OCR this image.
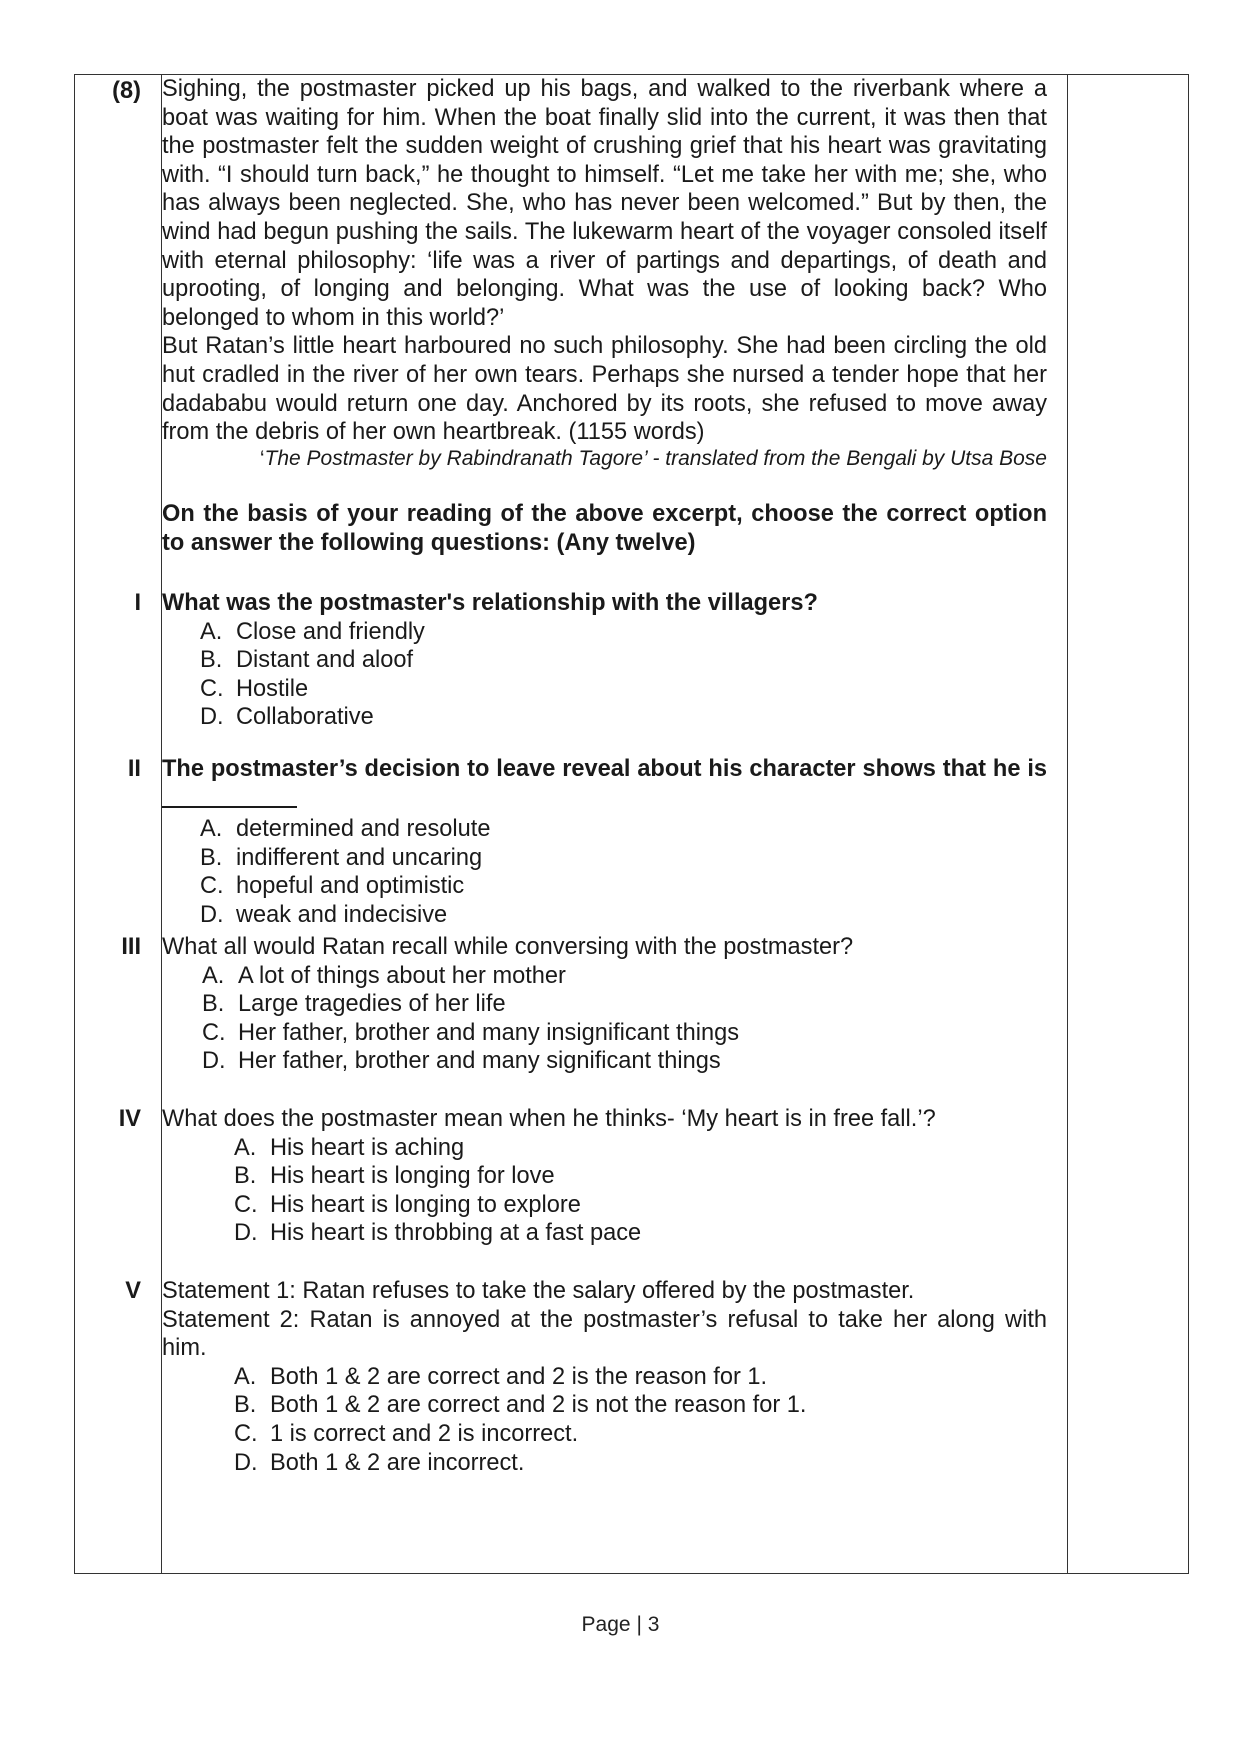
(8)
I
II
III
IV
V

Sighing, the postmaster picked up his bags, and walked to the riverbank where a boat was waiting for him. When the boat finally slid into the current, it was then that the postmaster felt the sudden weight of crushing grief that his heart was gravitating with. “I should turn back,” he thought to himself. “Let me take her with me; she, who has always been neglected. She, who has never been welcomed.” But by then, the wind had begun pushing the sails. The lukewarm heart of the voyager consoled itself with eternal philosophy: ‘life was a river of partings and departings, of death and uprooting, of longing and belonging. What was the use of looking back? Who belonged to whom in this world?’

But Ratan’s little heart harboured no such philosophy. She had been circling the old hut cradled in the river of her own tears. Perhaps she nursed a tender hope that her dadababu would return one day. Anchored by its roots, she refused to move away from the debris of her own heartbreak. (1155 words)

‘The Postmaster by Rabindranath Tagore’ - translated from the Bengali by Utsa Bose

On the basis of your reading of the above excerpt, choose the correct option to answer the following questions: (Any twelve)

What was the postmaster's relationship with the villagers?

A. Close and friendly
B. Distant and aloof
C. Hostile
D. Collaborative

The postmaster’s decision to leave reveal about his character shows that he is

A. determined and resolute
B. indifferent and uncaring
C. hopeful and optimistic
D. weak and indecisive

What all would Ratan recall while conversing with the postmaster?

A. A lot of things about her mother
B. Large tragedies of her life
C. Her father, brother and many insignificant things
D. Her father, brother and many significant things

What does the postmaster mean when he thinks- ‘My heart is in free fall.’?

A. His heart is aching
B. His heart is longing for love
C. His heart is longing to explore
D. His heart is throbbing at a fast pace

Statement 1: Ratan refuses to take the salary offered by the postmaster.

Statement 2: Ratan is annoyed at the postmaster’s refusal to take her along with him.

A. Both 1 & 2 are correct and 2 is the reason for 1.
B. Both 1 & 2 are correct and 2 is not the reason for 1.
C. 1 is correct and 2 is incorrect.
D. Both 1 & 2 are incorrect.
Page | 3
